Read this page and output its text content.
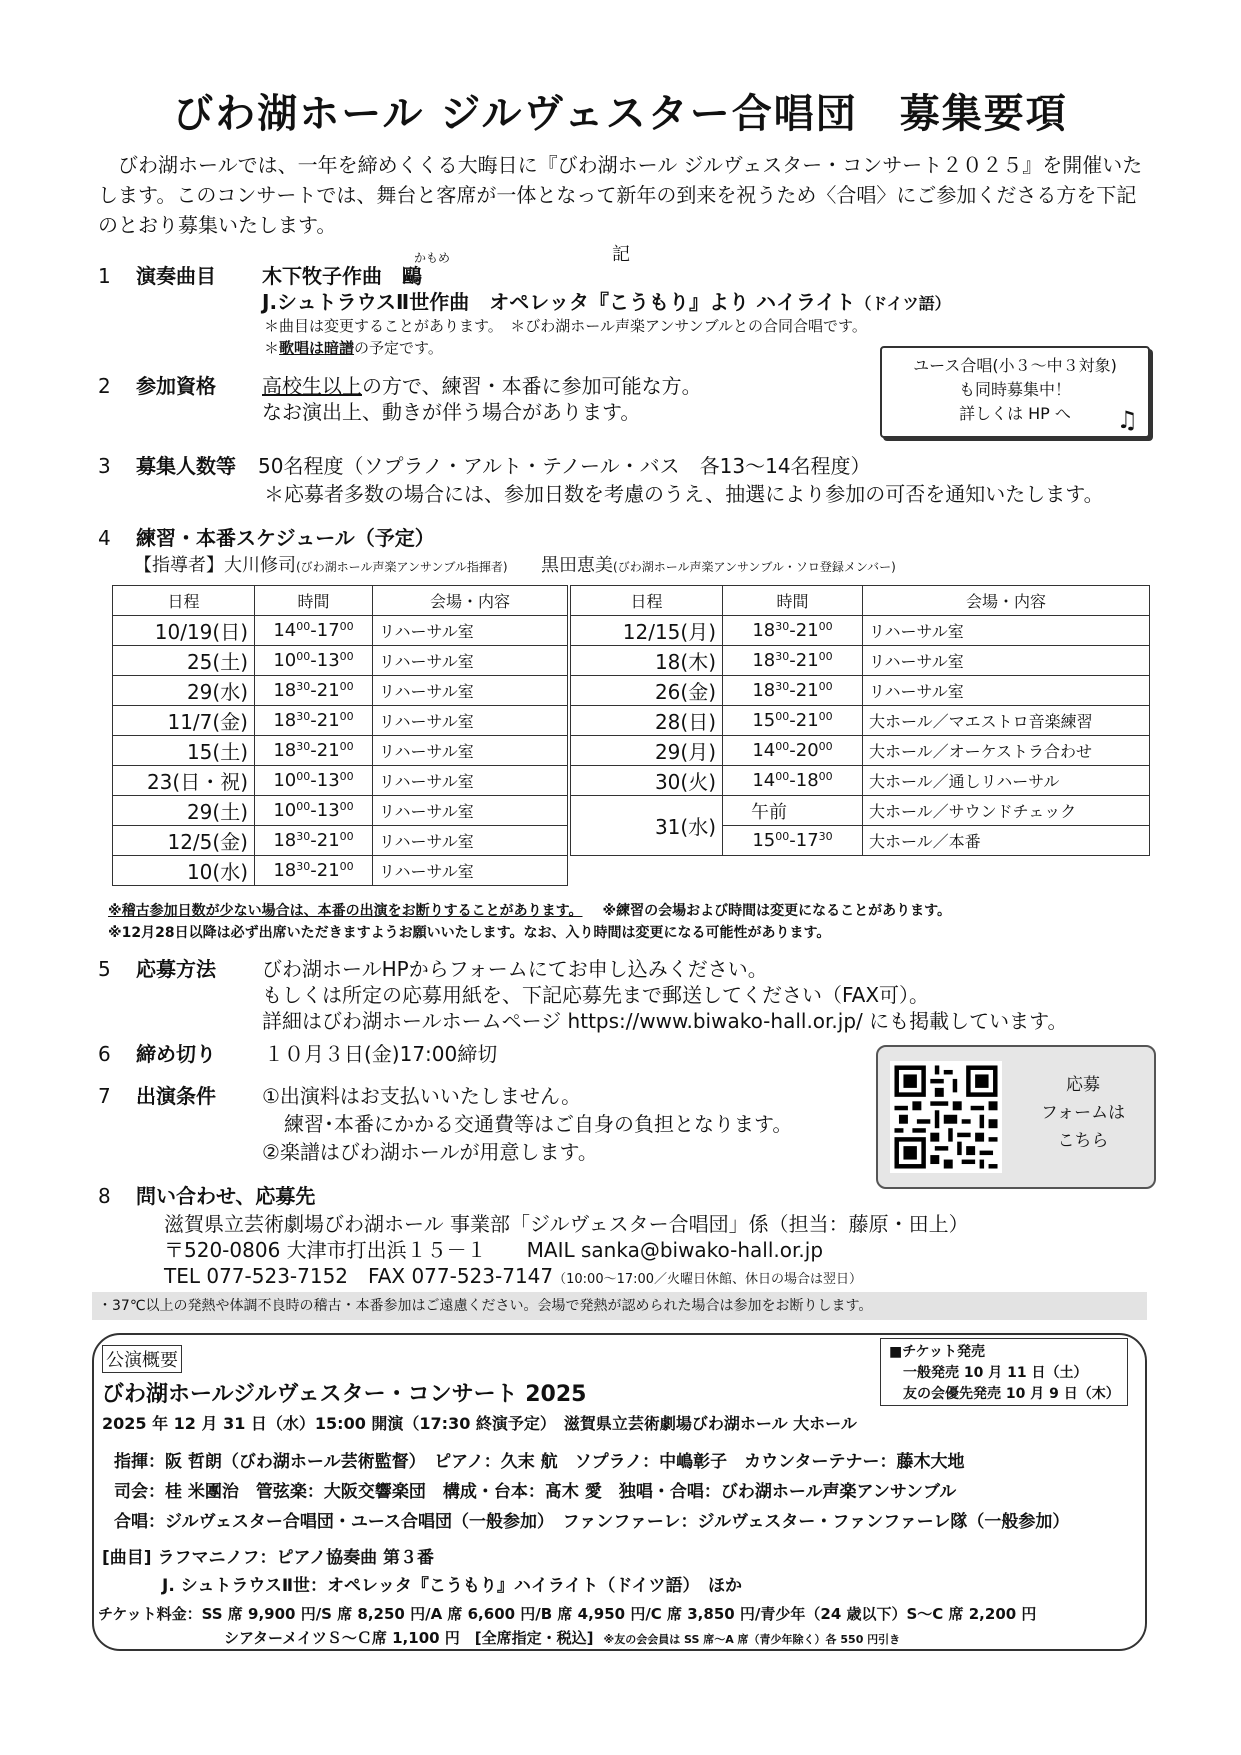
びわ湖ホール ジルヴェスター合唱団　募集要項
　びわ湖ホールでは、一年を締めくくる大晦日に『びわ湖ホール ジルヴェスター・コンサート２０２５』を開催いたします。このコンサートでは、舞台と客席が一体となって新年の到来を祝うため〈合唱〉にご参加くださる方を下記のとおり募集いたします。
記
1	演奏曲目
かもめ
木下牧子作曲　鷗
J.シュトラウスⅡ世作曲　オペレッタ『こうもり』より ハイライト（ドイツ語）
＊曲目は変更することがあります。　＊びわ湖ホール声楽アンサンブルとの合同合唱です。
＊歌唱は暗譜の予定です。
ユース合唱(小３～中３対象)
も同時募集中！
詳しくは HP へ	♫
2	参加資格 高校生以上の方で、練習・本番に参加可能な方。
なお演出上、動きが伴う場合があります。
3	募集人数等 50名程度（ソプラノ・アルト・テノール・バス　各13～14名程度）
＊応募者多数の場合には、参加日数を考慮のうえ、抽選により参加の可否を通知いたします。
4	練習・本番スケジュール（予定）
【指導者】大川修司(びわ湖ホール声楽アンサンブル指揮者) 黒田恵美(びわ湖ホール声楽アンサンブル・ソロ登録メンバー)
日程	時間	会場・内容
10/19(日)	$14^{00}-17^{00}$	リハーサル室
25(土)	$10^{00}-13^{00}$	リハーサル室
29(水)	$18^{30}-21^{00}$	リハーサル室
11/7(金)	$18^{30}-21^{00}$	リハーサル室
15(土)	$18^{30}-21^{00}$	リハーサル室
23(日・祝)	$10^{00}-13^{00}$	リハーサル室
29(土)	$10^{00}-13^{00}$	リハーサル室
12/5(金)	$18^{30}-21^{00}$	リハーサル室
10(水)	$18^{30}-21^{00}$	リハーサル室
日程	時間	会場・内容
12/15(月)	$18^{30}-21^{00}$	リハーサル室
18(木)	$18^{30}-21^{00}$	リハーサル室
26(金)	$18^{30}-21^{00}$	リハーサル室
28(日)	$15^{00}-21^{00}$	大ホール／マエストロ音楽練習
29(月)	$14^{00}-20^{00}$	大ホール／オーケストラ合わせ
30(火)	$14^{00}-18^{00}$	大ホール／通しリハーサル
31(水)	午前	大ホール／サウンドチェック
	$15^{00}-17^{30}$	大ホール／本番
※稽古参加日数が少ない場合は、本番の出演をお断りすることがあります。 ※練習の会場および時間は変更になることがあります。
※12月28日以降は必ず出席いただきますようお願いいたします。なお、入り時間は変更になる可能性があります。
5	応募方法 びわ湖ホールHPからフォームにてお申し込みください。
もしくは所定の応募用紙を、下記応募先まで郵送してください（FAX可）。
詳細はびわ湖ホールホームページ https://www.biwako-hall.or.jp/ にも掲載しています。
6	締め切り １０月３日(金)17:00締切
応募
フォームは
こちら
7	出演条件 ①出演料はお支払いいたしません。
練習･本番にかかる交通費等はご自身の負担となります。
②楽譜はびわ湖ホールが用意します。
8	問い合わせ、応募先
滋賀県立芸術劇場びわ湖ホール 事業部「ジルヴェスター合唱団」係（担当：藤原・田上）
〒520-0806 大津市打出浜１５－１　　MAIL sanka@biwako-hall.or.jp
TEL 077-523-7152　FAX 077-523-7147（10:00～17:00／火曜日休館、休日の場合は翌日）
・37℃以上の発熱や体調不良時の稽古・本番参加はご遠慮ください。会場で発熱が認められた場合は参加をお断りします。
公演概要
びわ湖ホールジルヴェスター・コンサート 2025
2025 年 12 月 31 日（水）15:00 開演（17:30 終演予定）　滋賀県立芸術劇場びわ湖ホール 大ホール
指揮：阪 哲朗（びわ湖ホール芸術監督）　ピアノ：久末 航　ソプラノ：中嶋彰子　カウンターテナー：藤木大地
司会：桂 米團治　管弦楽：大阪交響楽団　構成・台本：髙木 愛　独唱・合唱：びわ湖ホール声楽アンサンブル
合唱：ジルヴェスター合唱団・ユース合唱団（一般参加）　ファンファーレ：ジルヴェスター・ファンファーレ隊（一般参加）
[曲目] ラフマニノフ：ピアノ協奏曲 第３番
J. シュトラウスⅡ世：オペレッタ『こうもり』ハイライト（ドイツ語）　ほか
チケット料金：SS 席 9,900 円/S 席 8,250 円/A 席 6,600 円/B 席 4,950 円/C 席 3,850 円/青少年（24 歳以下）S～C 席 2,200 円
シアターメイツＳ～Ｃ席 1,100 円　[全席指定・税込] ※友の会会員は SS 席～A 席（青少年除く）各 550 円引き
■チケット発売
一般発売 10 月 11 日（土）
友の会優先発売 10 月 9 日（木）
